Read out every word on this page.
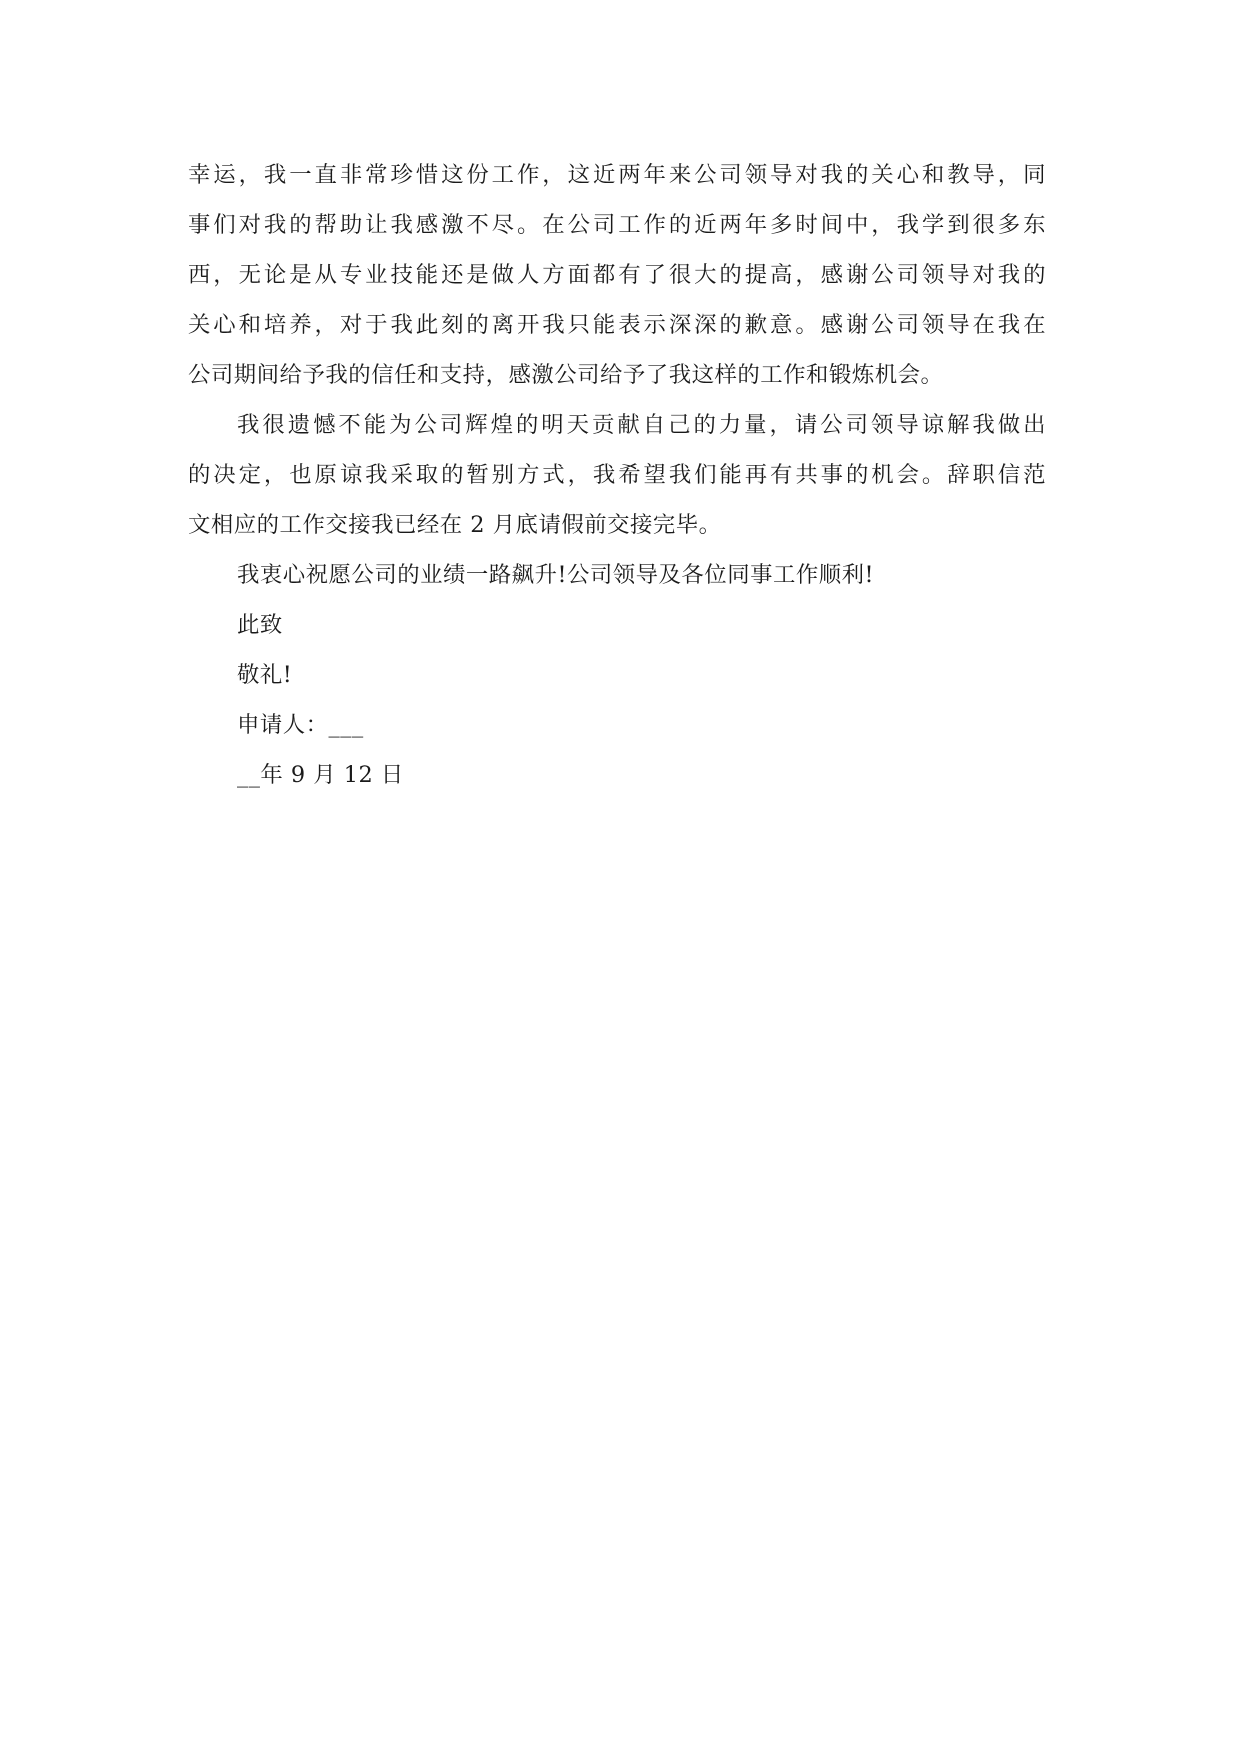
幸运，我一直非常珍惜这份工作，这近两年来公司领导对我的关心和教导，同
事们对我的帮助让我感激不尽。在公司工作的近两年多时间中，我学到很多东
西，无论是从专业技能还是做人方面都有了很大的提高，感谢公司领导对我的
关心和培养，对于我此刻的离开我只能表示深深的歉意。感谢公司领导在我在
公司期间给予我的信任和支持，感激公司给予了我这样的工作和锻炼机会。
我很遗憾不能为公司辉煌的明天贡献自己的力量，请公司领导谅解我做出
的决定，也原谅我采取的暂别方式，我希望我们能再有共事的机会。辞职信范
文相应的工作交接我已经在 2 月底请假前交接完毕。
我衷心祝愿公司的业绩一路飙升!公司领导及各位同事工作顺利!
此致
敬礼!
申请人：___
__年 9 月 12 日
